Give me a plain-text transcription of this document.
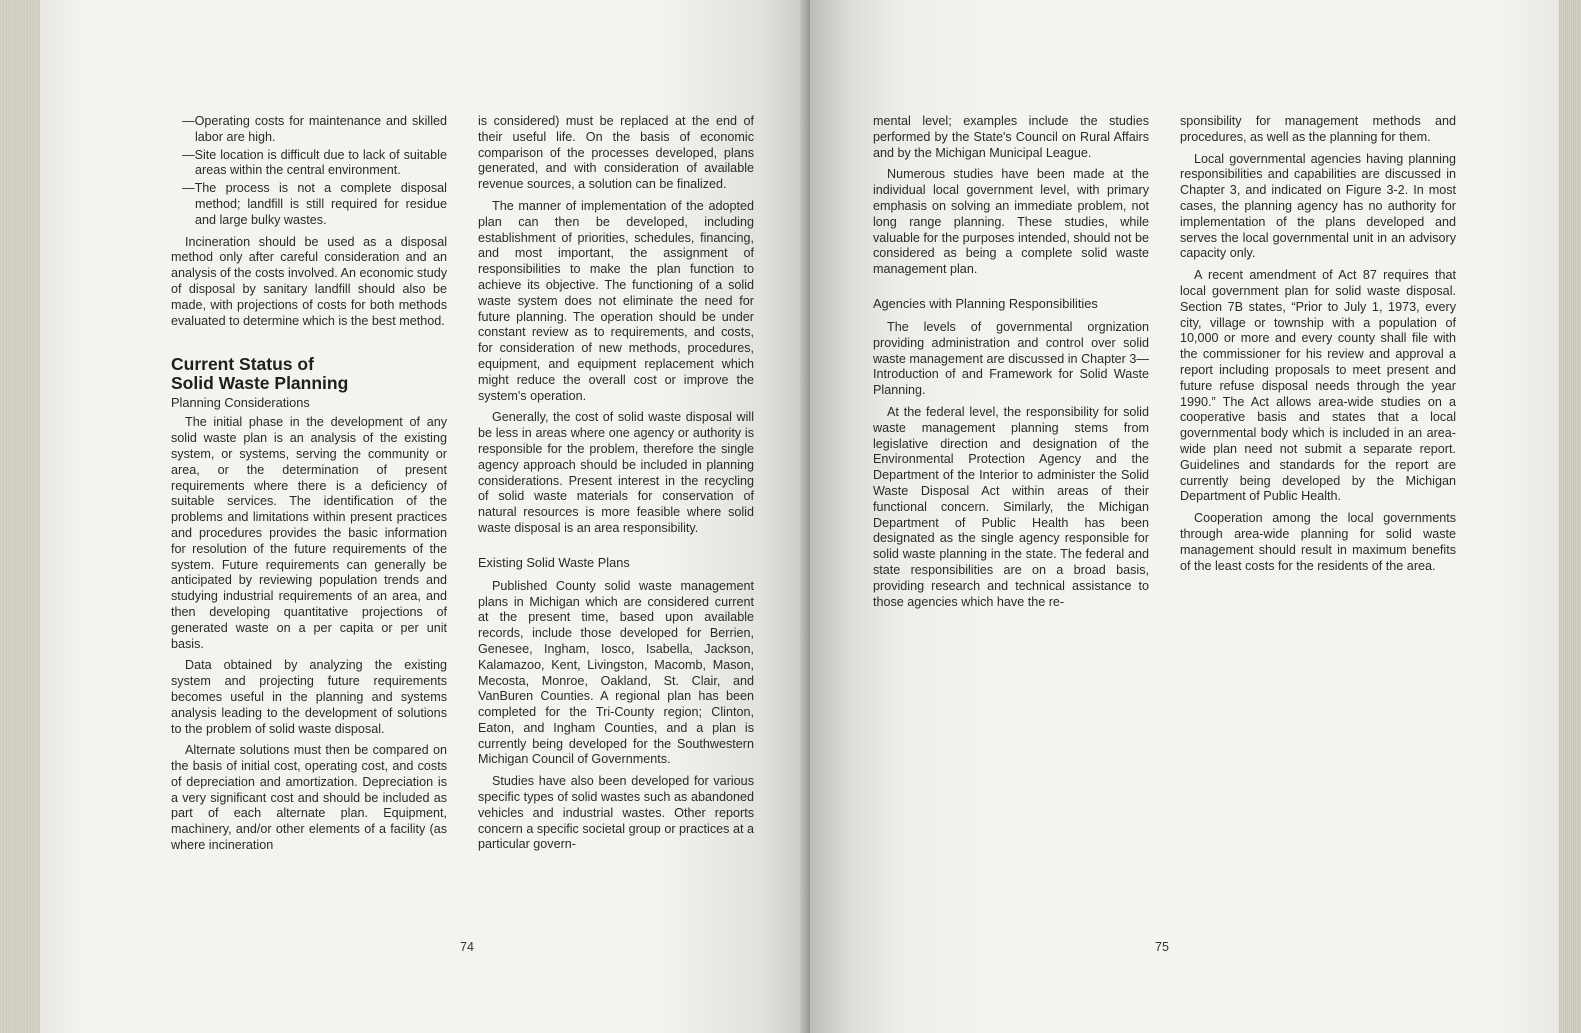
—Operating costs for maintenance and skilled labor are high.

—Site location is difficult due to lack of suitable areas within the central environment.

—The process is not a complete disposal method; landfill is still required for residue and large bulky wastes.

Incineration should be used as a disposal method only after careful consideration and an analysis of the costs involved. An economic study of disposal by sanitary landfill should also be made, with projections of costs for both methods evaluated to determine which is the best method.

Current Status of
Solid Waste Planning
Planning Considerations

The initial phase in the development of any solid waste plan is an analysis of the existing system, or systems, serving the community or area, or the determination of present requirements where there is a deficiency of suitable services. The identification of the problems and limitations within present practices and procedures provides the basic information for resolution of the future requirements of the system. Future requirements can generally be anticipated by reviewing population trends and studying industrial requirements of an area, and then developing quantitative projections of generated waste on a per capita or per unit basis.

Data obtained by analyzing the existing system and projecting future requirements becomes useful in the planning and systems analysis leading to the development of solutions to the problem of solid waste disposal.

Alternate solutions must then be compared on the basis of initial cost, operating cost, and costs of depreciation and amortization. Depreciation is a very significant cost and should be included as part of each alternate plan. Equipment, machinery, and/or other elements of a facility (as where incineration

is considered) must be replaced at the end of their useful life. On the basis of economic comparison of the processes developed, plans generated, and with consideration of available revenue sources, a solution can be finalized.

The manner of implementation of the adopted plan can then be developed, including establishment of priorities, schedules, financing, and most important, the assignment of responsibilities to make the plan function to achieve its objective. The functioning of a solid waste system does not eliminate the need for future planning. The operation should be under constant review as to requirements, and costs, for consideration of new methods, procedures, equipment, and equipment replacement which might reduce the overall cost or improve the system's operation.

Generally, the cost of solid waste disposal will be less in areas where one agency or authority is responsible for the problem, therefore the single agency approach should be included in planning considerations. Present interest in the recycling of solid waste materials for conservation of natural resources is more feasible where solid waste disposal is an area responsibility.

Existing Solid Waste Plans

Published County solid waste management plans in Michigan which are considered current at the present time, based upon available records, include those developed for Berrien, Genesee, Ingham, Iosco, Isabella, Jackson, Kalamazoo, Kent, Livingston, Macomb, Mason, Mecosta, Monroe, Oakland, St. Clair, and VanBuren Counties. A regional plan has been completed for the Tri-County region; Clinton, Eaton, and Ingham Counties, and a plan is currently being developed for the Southwestern Michigan Council of Governments.

Studies have also been developed for various specific types of solid wastes such as abandoned vehicles and industrial wastes. Other reports concern a specific societal group or practices at a particular govern-

74

mental level; examples include the studies performed by the State's Council on Rural Affairs and by the Michigan Municipal League.

Numerous studies have been made at the individual local government level, with primary emphasis on solving an immediate problem, not long range planning. These studies, while valuable for the purposes intended, should not be considered as being a complete solid waste management plan.

Agencies with Planning Responsibilities

The levels of governmental orgnization providing administration and control over solid waste management are discussed in Chapter 3—Introduction of and Framework for Solid Waste Planning.

At the federal level, the responsibility for solid waste management planning stems from legislative direction and designation of the Environmental Protection Agency and the Department of the Interior to administer the Solid Waste Disposal Act within areas of their functional concern. Similarly, the Michigan Department of Public Health has been designated as the single agency responsible for solid waste planning in the state. The federal and state responsibilities are on a broad basis, providing research and technical assistance to those agencies which have the re-

sponsibility for management methods and procedures, as well as the planning for them.

Local governmental agencies having planning responsibilities and capabilities are discussed in Chapter 3, and indicated on Figure 3-2. In most cases, the planning agency has no authority for implementation of the plans developed and serves the local governmental unit in an advisory capacity only.

A recent amendment of Act 87 requires that local government plan for solid waste disposal. Section 7B states, “Prior to July 1, 1973, every city, village or township with a population of 10,000 or more and every county shall file with the commissioner for his review and approval a report including proposals to meet present and future refuse disposal needs through the year 1990.” The Act allows area-wide studies on a cooperative basis and states that a local governmental body which is included in an area-wide plan need not submit a separate report. Guidelines and standards for the report are currently being developed by the Michigan Department of Public Health.

Cooperation among the local governments through area-wide planning for solid waste management should result in maximum benefits of the least costs for the residents of the area.

75
